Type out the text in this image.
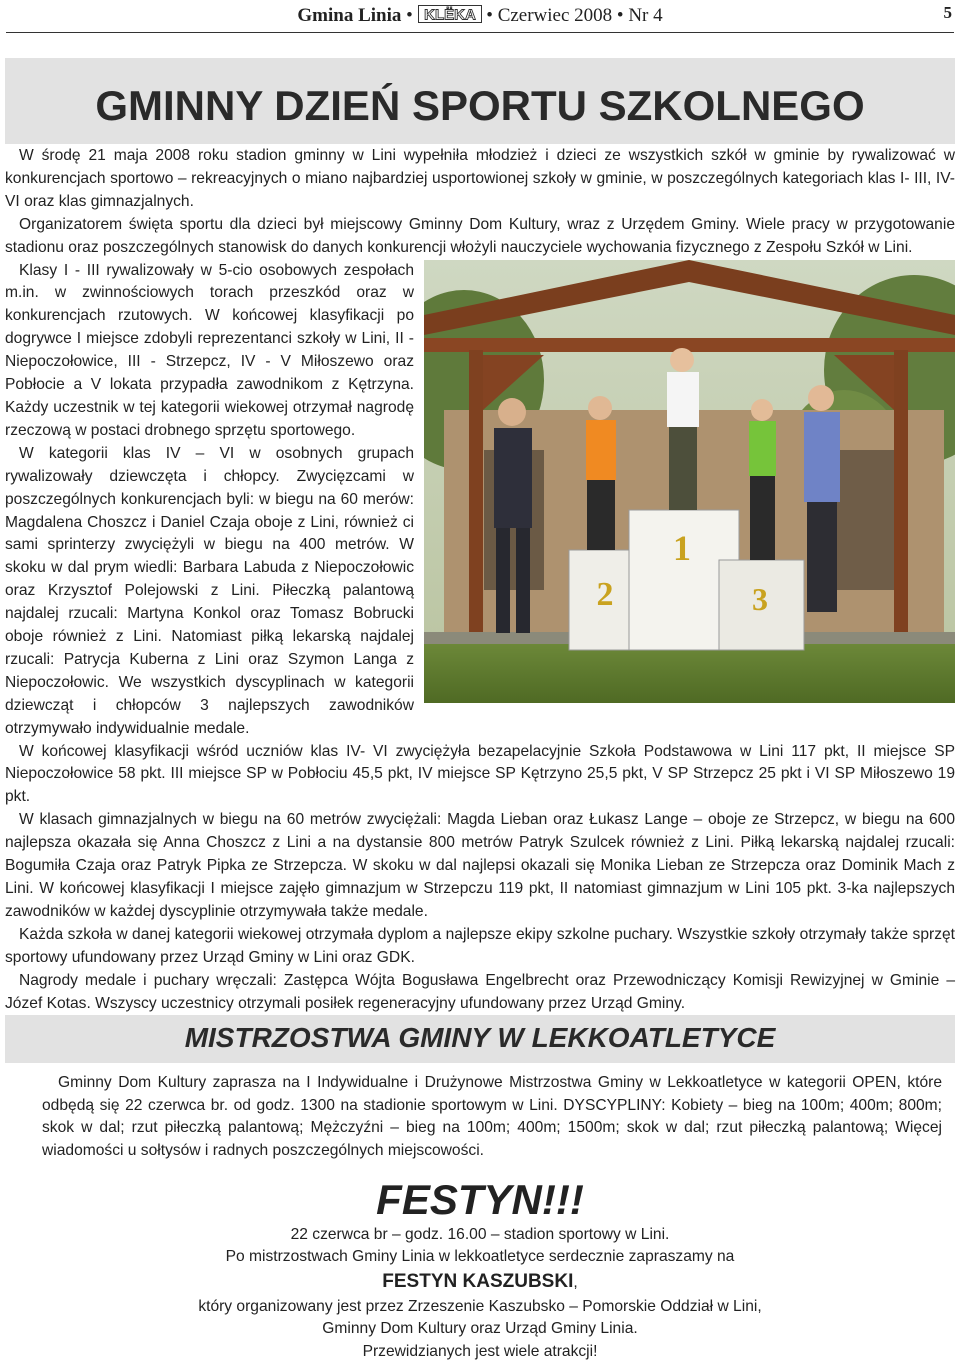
Gmina Linia • KLËKA • Czerwiec 2008 • Nr 4	5
GMINNY DZIEŃ SPORTU SZKOLNEGO

W środę 21 maja 2008 roku stadion gminny w Lini wypełniła młodzież i dzieci ze wszystkich szkół w gminie by rywalizować w konkurencjach sportowo – rekreacyjnych o miano najbardziej usportowionej szkoły w gminie, w poszczególnych kategoriach klas I- III, IV- VI oraz klas gimnazjalnych.

Organizatorem święta sportu dla dzieci był miejscowy Gminny Dom Kultury, wraz z Urzędem Gminy. Wiele pracy w przygotowanie stadionu oraz poszczególnych stanowisk do danych konkurencji włożyli nauczyciele wychowania fizycznego z Zespołu Szkół w Lini.

2
1
3

Klasy I - III rywalizowały w 5-cio osobowych zespołach m.in. w zwinnościowych torach przeszkód oraz w konkurencjach rzutowych. W końcowej klasyfikacji po dogrywce I miejsce zdobyli reprezentanci szkoły w Lini, II - Niepoczołowice, III - Strzepcz, IV - V Miłoszewo oraz Pobłocie a V lokata przypadła zawodnikom z Kętrzyna. Każdy uczestnik w tej kategorii wiekowej otrzymał nagrodę rzeczową w postaci drobnego sprzętu sportowego.

W kategorii klas IV – VI w osobnych grupach rywalizowały dziewczęta i chłopcy. Zwycięzcami w poszczególnych konkurencjach byli: w biegu na 60 merów: Magdalena Choszcz i Daniel Czaja oboje z Lini, również ci sami sprinterzy zwyciężyli w biegu na 400 metrów. W skoku w dal prym wiedli: Barbara Labuda z Niepoczołowic oraz Krzysztof Polejowski z Lini. Piłeczką palantową najdalej rzucali: Martyna Konkol oraz Tomasz Bobrucki oboje również z Lini. Natomiast piłką lekarską najdalej rzucali: Patrycja Kuberna z Lini oraz Szymon Langa z Niepoczołowic. We wszystkich dyscyplinach w kategorii dziewcząt i chłopców 3 najlepszych zawodników otrzymywało indywidualnie medale.

W końcowej klasyfikacji wśród uczniów klas IV- VI zwyciężyła bezapelacyjnie Szkoła Podstawowa w Lini 117 pkt, II miejsce SP Niepoczołowice 58 pkt. III miejsce SP w Pobłociu 45,5 pkt, IV miejsce SP Kętrzyno 25,5 pkt, V SP Strzepcz 25 pkt i VI SP Miłoszewo 19 pkt.

W klasach gimnazjalnych w biegu na 60 metrów zwyciężali: Magda Lieban oraz Łukasz Lange – oboje ze Strzepcz, w biegu na 600 najlepsza okazała się Anna Choszcz z Lini a na dystansie 800 metrów Patryk Szulcek również z Lini. Piłką lekarską najdalej rzucali: Bogumiła Czaja oraz Patryk Pipka ze Strzepcza. W skoku w dal najlepsi okazali się Monika Lieban ze Strzepcza oraz Dominik Mach z Lini. W końcowej klasyfikacji I miejsce zajęło gimnazjum w Strzepczu 119 pkt, II natomiast gimnazjum w Lini 105 pkt. 3-ka najlepszych zawodników w każdej dyscyplinie otrzymywała także medale.

Każda szkoła w danej kategorii wiekowej otrzymała dyplom a najlepsze ekipy szkolne puchary. Wszystkie szkoły otrzymały także sprzęt sportowy ufundowany przez Urząd Gminy w Lini oraz GDK.

Nagrody medale i puchary wręczali: Zastępca Wójta Bogusława Engelbrecht oraz Przewodniczący Komisji Rewizyjnej w Gminie – Józef Kotas. Wszyscy uczestnicy otrzymali posiłek regeneracyjny ufundowany przez Urząd Gminy.

MISTRZOSTWA GMINY W LEKKOATLETYCE

Gminny Dom Kultury zaprasza na I Indywidualne i Drużynowe Mistrzostwa Gminy w Lekkoatletyce w kategorii OPEN, które odbędą się 22 czerwca br. od godz. 1300 na stadionie sportowym w Lini. DYSCYPLINY: Kobiety – bieg na 100m; 400m; 800m; skok w dal; rzut piłeczką palantową; Mężczyźni – bieg na 100m; 400m; 1500m; skok w dal; rzut piłeczką palantową; Więcej wiadomości u sołtysów i radnych poszczególnych miejscowości.

FESTYN!!!
22 czerwca br – godz. 16.00 – stadion sportowy w Lini.
Po mistrzostwach Gminy Linia w lekkoatletyce serdecznie zapraszamy na
FESTYN KASZUBSKI,
który organizowany jest przez Zrzeszenie Kaszubsko – Pomorskie Oddział w Lini,
Gminny Dom Kultury oraz Urząd Gminy Linia.
Przewidzianych jest wiele atrakcji!
